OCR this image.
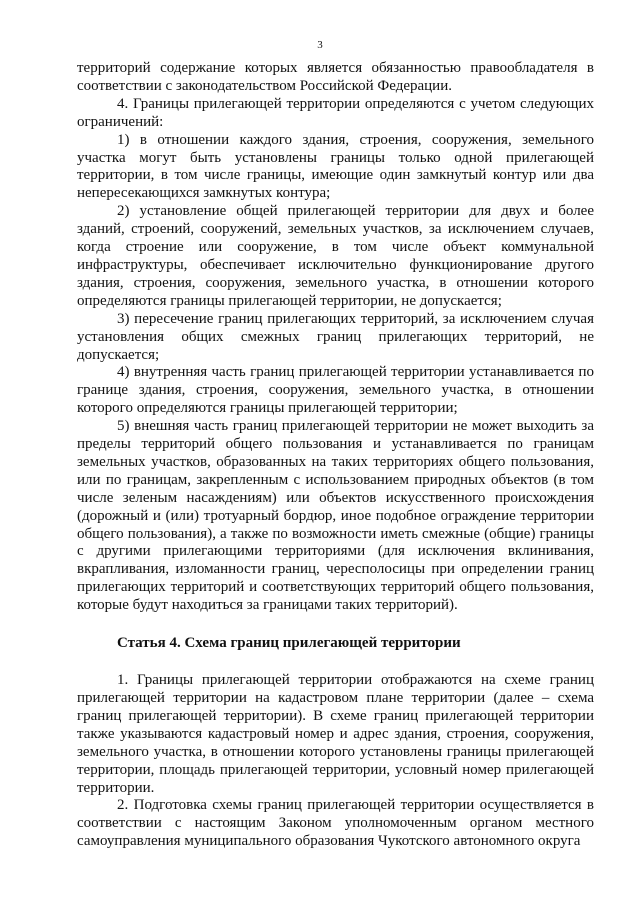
3

территорий содержание которых является обязанностью правообладателя в соответствии с законодательством Российской Федерации.

4. Границы прилегающей территории определяются с учетом следующих ограничений:

1) в отношении каждого здания, строения, сооружения, земельного участка могут быть установлены границы только одной прилегающей территории, в том числе границы, имеющие один замкнутый контур или два непересекающихся замкнутых контура;

2) установление общей прилегающей территории для двух и более зданий, строений, сооружений, земельных участков, за исключением случаев, когда строение или сооружение, в том числе объект коммунальной инфраструктуры, обеспечивает исключительно функционирование другого здания, строения, сооружения, земельного участка, в отношении которого определяются границы прилегающей территории, не допускается;

3) пересечение границ прилегающих территорий, за исключением случая установления общих смежных границ прилегающих территорий, не допускается;

4) внутренняя часть границ прилегающей территории устанавливается по границе здания, строения, сооружения, земельного участка, в отношении которого определяются границы прилегающей территории;

5) внешняя часть границ прилегающей территории не может выходить за пределы территорий общего пользования и устанавливается по границам земельных участков, образованных на таких территориях общего пользования, или по границам, закрепленным с использованием природных объектов (в том числе зеленым насаждениям) или объектов искусственного происхождения (дорожный и (или) тротуарный бордюр, иное подобное ограждение территории общего пользования), а также по возможности иметь смежные (общие) границы с другими прилегающими территориями (для исключения вклинивания, вкрапливания, изломанности границ, чересполосицы при определении границ прилегающих территорий и соответствующих территорий общего пользования, которые будут находиться за границами таких территорий).

Статья 4. Схема границ прилегающей территории

1. Границы прилегающей территории отображаются на схеме границ прилегающей территории на кадастровом плане территории (далее – схема границ прилегающей территории). В схеме границ прилегающей территории также указываются кадастровый номер и адрес здания, строения, сооружения, земельного участка, в отношении которого установлены границы прилегающей территории, площадь прилегающей территории, условный номер прилегающей территории.

2. Подготовка схемы границ прилегающей территории осуществляется в соответствии с настоящим Законом уполномоченным органом местного самоуправления муниципального образования Чукотского автономного округа
